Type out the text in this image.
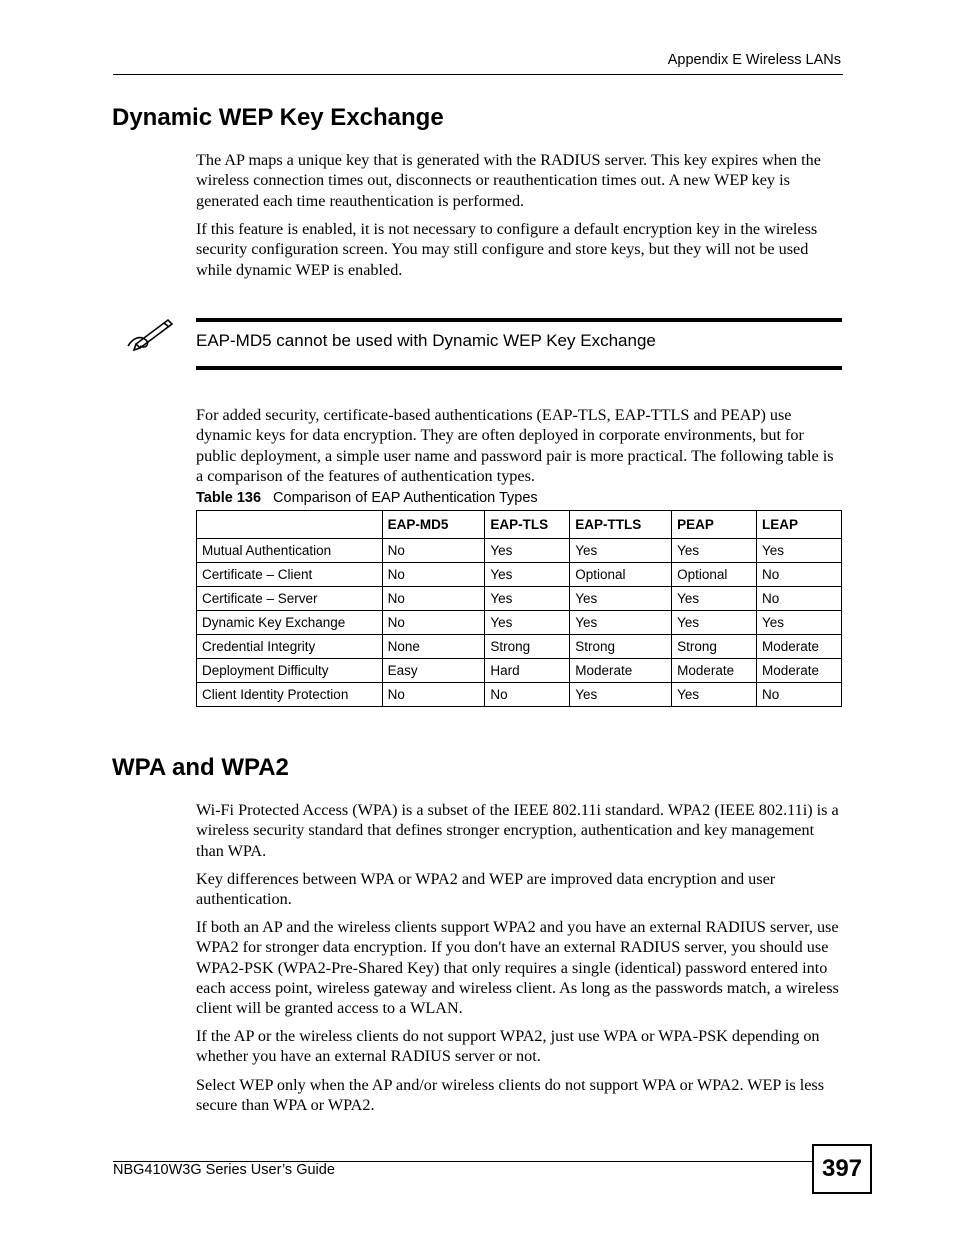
Appendix E Wireless LANs
Dynamic WEP Key Exchange

The AP maps a unique key that is generated with the RADIUS server. This key expires when the wireless connection times out, disconnects or reauthentication times out. A new WEP key is generated each time reauthentication is performed.

If this feature is enabled, it is not necessary to configure a default encryption key in the wireless security configuration screen. You may still configure and store keys, but they will not be used while dynamic WEP is enabled.

EAP-MD5 cannot be used with Dynamic WEP Key Exchange

For added security, certificate-based authentications (EAP-TLS, EAP-TTLS and PEAP) use dynamic keys for data encryption. They are often deployed in corporate environments, but for public deployment, a simple user name and password pair is more practical. The following table is a comparison of the features of authentication types.

Table 136 Comparison of EAP Authentication Types
	EAP-MD5	EAP-TLS	EAP-TTLS	PEAP	LEAP
Mutual Authentication	No	Yes	Yes	Yes	Yes
Certificate – Client	No	Yes	Optional	Optional	No
Certificate – Server	No	Yes	Yes	Yes	No
Dynamic Key Exchange	No	Yes	Yes	Yes	Yes
Credential Integrity	None	Strong	Strong	Strong	Moderate
Deployment Difficulty	Easy	Hard	Moderate	Moderate	Moderate
Client Identity Protection	No	No	Yes	Yes	No
WPA and WPA2

Wi-Fi Protected Access (WPA) is a subset of the IEEE 802.11i standard. WPA2 (IEEE 802.11i) is a wireless security standard that defines stronger encryption, authentication and key management than WPA.

Key differences between WPA or WPA2 and WEP are improved data encryption and user authentication.

If both an AP and the wireless clients support WPA2 and you have an external RADIUS server, use WPA2 for stronger data encryption. If you don't have an external RADIUS server, you should use WPA2-PSK (WPA2-Pre-Shared Key) that only requires a single (identical) password entered into each access point, wireless gateway and wireless client. As long as the passwords match, a wireless client will be granted access to a WLAN.

If the AP or the wireless clients do not support WPA2, just use WPA or WPA-PSK depending on whether you have an external RADIUS server or not.

Select WEP only when the AP and/or wireless clients do not support WPA or WPA2. WEP is less secure than WPA or WPA2.

NBG410W3G Series User’s Guide	397
